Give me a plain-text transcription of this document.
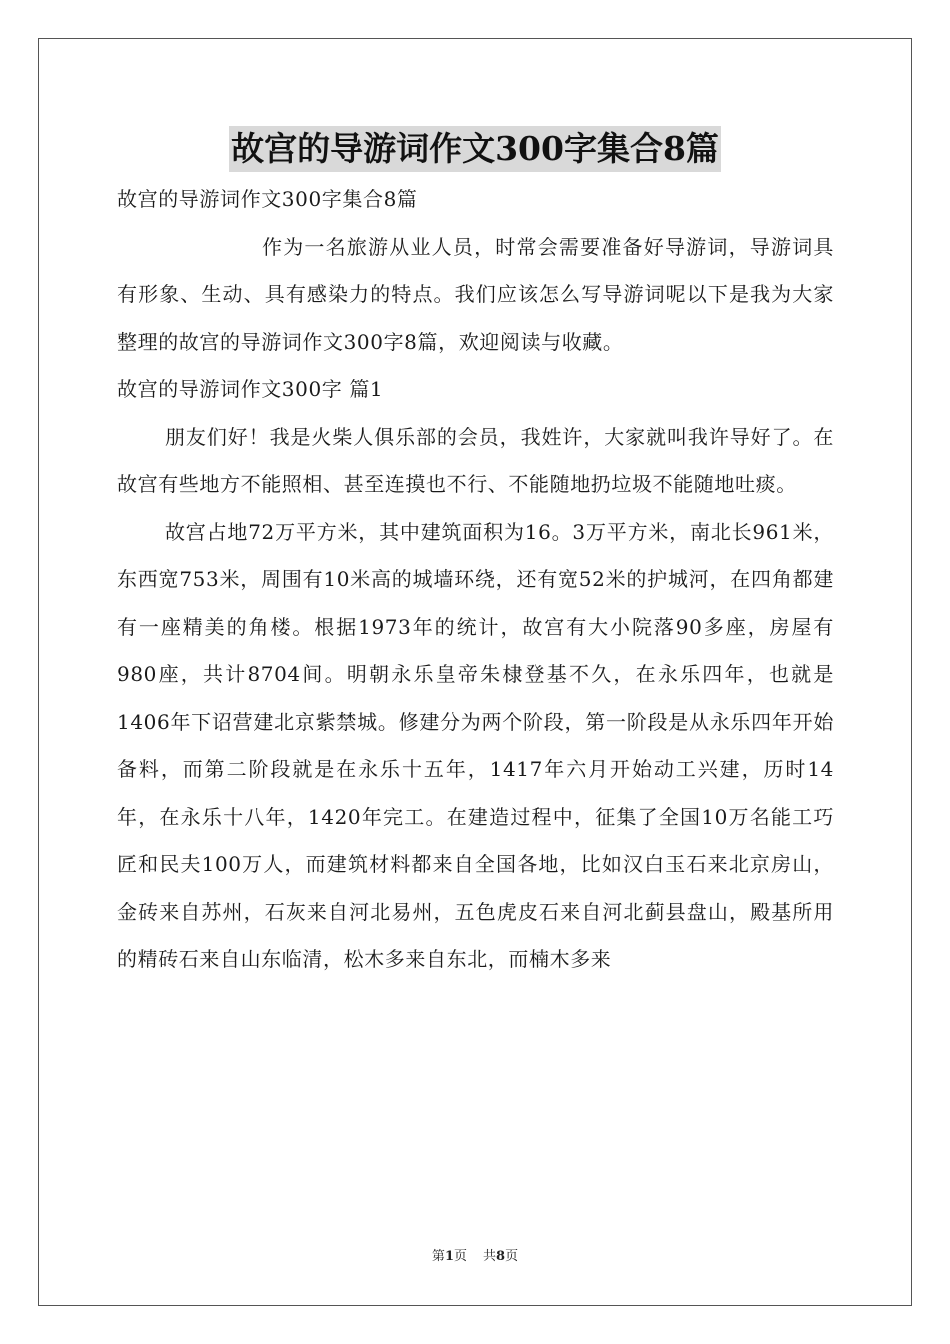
故宫的导游词作文300字集合8篇

故宫的导游词作文300字集合8篇

作为一名旅游从业人员，时常会需要准备好导游词，导游词具有形象、生动、具有感染力的特点。我们应该怎么写导游词呢以下是我为大家整理的故宫的导游词作文300字8篇，欢迎阅读与收藏。

故宫的导游词作文300字 篇1

朋友们好！我是火柴人俱乐部的会员，我姓许，大家就叫我许导好了。在故宫有些地方不能照相、甚至连摸也不行、不能随地扔垃圾不能随地吐痰。

故宫占地72万平方米，其中建筑面积为16。3万平方米，南北长961米，东西宽753米，周围有10米高的城墙环绕，还有宽52米的护城河，在四角都建有一座精美的角楼。根据1973年的统计，故宫有大小院落90多座，房屋有980座，共计8704间。明朝永乐皇帝朱棣登基不久，在永乐四年，也就是1406年下诏营建北京紫禁城。修建分为两个阶段，第一阶段是从永乐四年开始备料，而第二阶段就是在永乐十五年，1417年六月开始动工兴建，历时14年，在永乐十八年，1420年完工。在建造过程中，征集了全国10万名能工巧匠和民夫100万人，而建筑材料都来自全国各地，比如汉白玉石来北京房山，金砖来自苏州，石灰来自河北易州，五色虎皮石来自河北蓟县盘山，殿基所用的精砖石来自山东临清，松木多来自东北，而楠木多来

第1页 共8页
